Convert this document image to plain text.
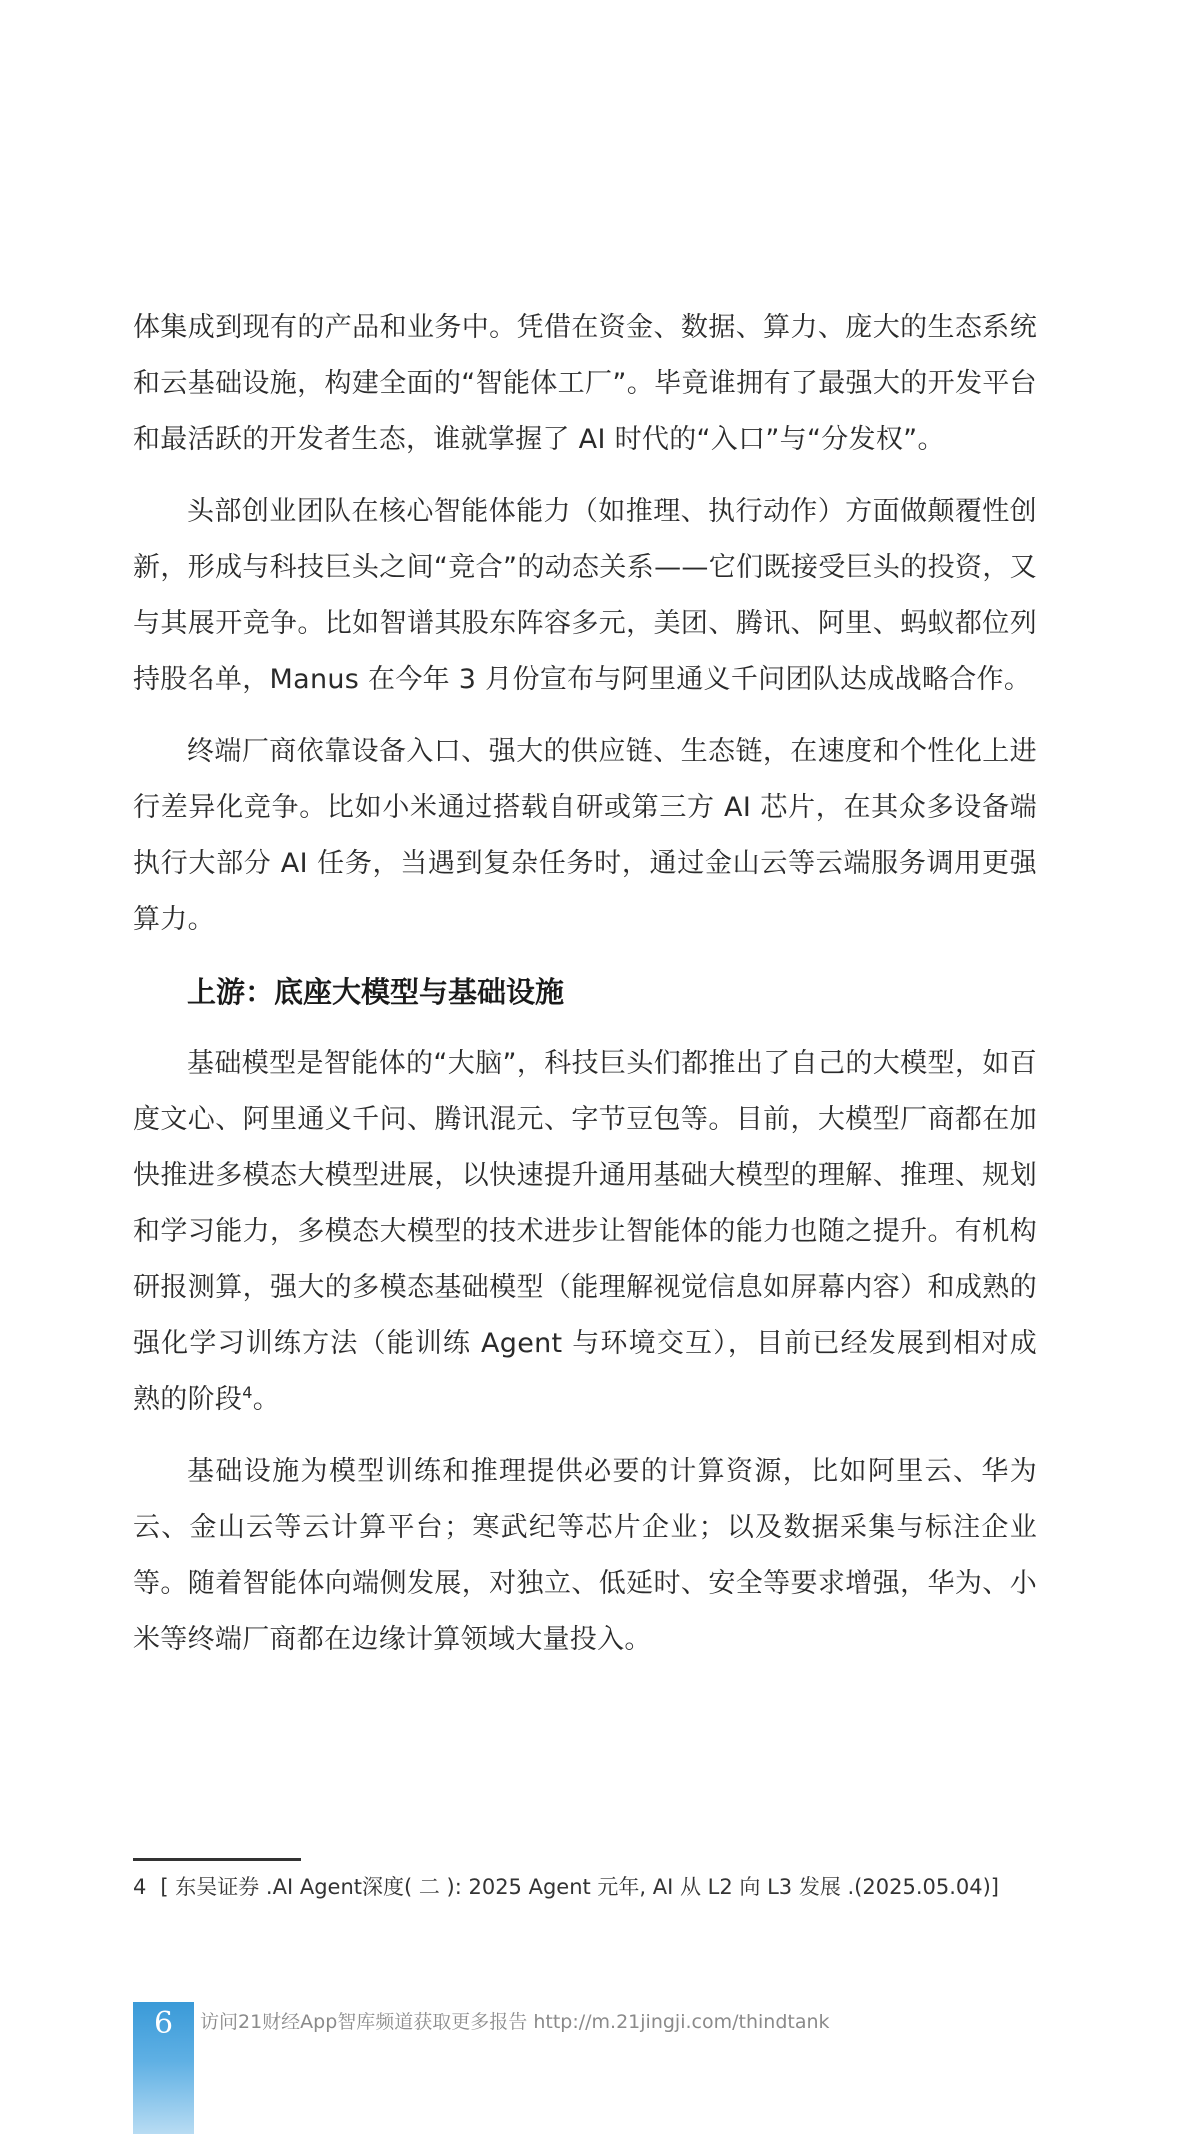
体集成到现有的产品和业务中。凭借在资金、数据、算力、庞大的生态系统和云基础设施，构建全面的“智能体工厂”。毕竟谁拥有了最强大的开发平台和最活跃的开发者生态，谁就掌握了 AI 时代的“入口”与“分发权”。

头部创业团队在核心智能体能力（如推理、执行动作）方面做颠覆性创新，形成与科技巨头之间“竞合”的动态关系——它们既接受巨头的投资，又与其展开竞争。比如智谱其股东阵容多元，美团、腾讯、阿里、蚂蚁都位列持股名单，Manus 在今年 3 月份宣布与阿里通义千问团队达成战略合作。

终端厂商依靠设备入口、强大的供应链、生态链，在速度和个性化上进行差异化竞争。比如小米通过搭载自研或第三方 AI 芯片，在其众多设备端执行大部分 AI 任务，当遇到复杂任务时，通过金山云等云端服务调用更强算力。

上游：底座大模型与基础设施

基础模型是智能体的“大脑”，科技巨头们都推出了自己的大模型，如百度文心、阿里通义千问、腾讯混元、字节豆包等。目前，大模型厂商都在加快推进多模态大模型进展，以快速提升通用基础大模型的理解、推理、规划和学习能力，多模态大模型的技术进步让智能体的能力也随之提升。有机构研报测算，强大的多模态基础模型（能理解视觉信息如屏幕内容）和成熟的强化学习训练方法（能训练 Agent 与环境交互），目前已经发展到相对成熟的阶段$^4$。

基础设施为模型训练和推理提供必要的计算资源，比如阿里云、华为云、金山云等云计算平台；寒武纪等芯片企业；以及数据采集与标注企业等。随着智能体向端侧发展，对独立、低延时、安全等要求增强，华为、小米等终端厂商都在边缘计算领域大量投入。

4 [ 东吴证券 .AI Agent深度( 二 ): 2025 Agent 元年, AI 从 L2 向 L3 发展 .(2025.05.04)]
6	访问21财经App智库频道获取更多报告 http://m.21jingji.com/thindtank
